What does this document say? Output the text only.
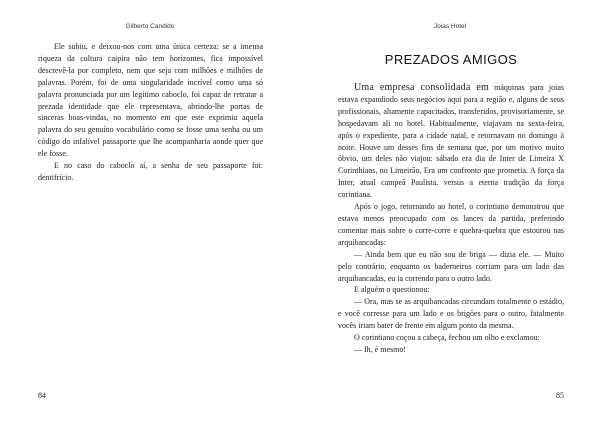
Gilberto Candido

Ele subiu, e deixou-nos com uma única certeza: se a imensa riqueza da cultura caipira não tem horizontes, fica impossível descrevê-la por completo, nem que seja com milhões e milhões de palavras. Porém, foi de uma singularidade incrível como uma só palavra pronunciada por um legítimo caboclo, foi capaz de retratar a prezada identidade que ele representava, abrindo-lhe portas de sinceras boas-vindas, no momento em que este exprimiu aquela palavra do seu genuíno vocabulário como se fosse uma senha ou um código do infalível passaporte que lhe acompanharia aonde quer que ele fosse.

E no caso do caboclo aí, a senha de seu passaporte foi: dentifrício.

84
Joias Hotel
PREZADOS AMIGOS

Uma empresa consolidada em máquinas para joias estava expandindo seus negócios aqui para a região e, alguns de seus profissionais, altamente capacitados, transferidos, provisoriamente, se hospedavam ali no hotel. Habitualmente, viajavam na sexta-feira, após o expediente, para a cidade natal, e retornavam no domingo à noite. Houve um desses fins de semana que, por um motivo muito óbvio, um deles não viajou: sábado era dia de Inter de Limeira X Corinthians, no Limeirão. Era um confronto que prometia. A força da Inter, atual campeã Paulista, versus a eterna tradição da força corintiana.

Após o jogo, retornando ao hotel, o corintiano demonstrou que estava menos preocupado com os lances da partida, preferindo comentar mais sobre o corre-corre e quebra-quebra que estourou nas arquibancadas:

— Ainda bem que eu não sou de briga — dizia ele. — Muito pelo contrário, enquanto os baderneiros corriam para um lado das arquibancadas, eu ia correndo para o outro lado.

E alguém o questionou:

— Ora, mas se as arquibancadas circundam totalmente o estádio, e você corresse para um lado e os brigões para o outro, fatalmente vocês iriam bater de frente em algum ponto da mesma.

O corintiano coçou a cabeça, fechou um olho e exclamou:

— Ih, é mesmo!

85
